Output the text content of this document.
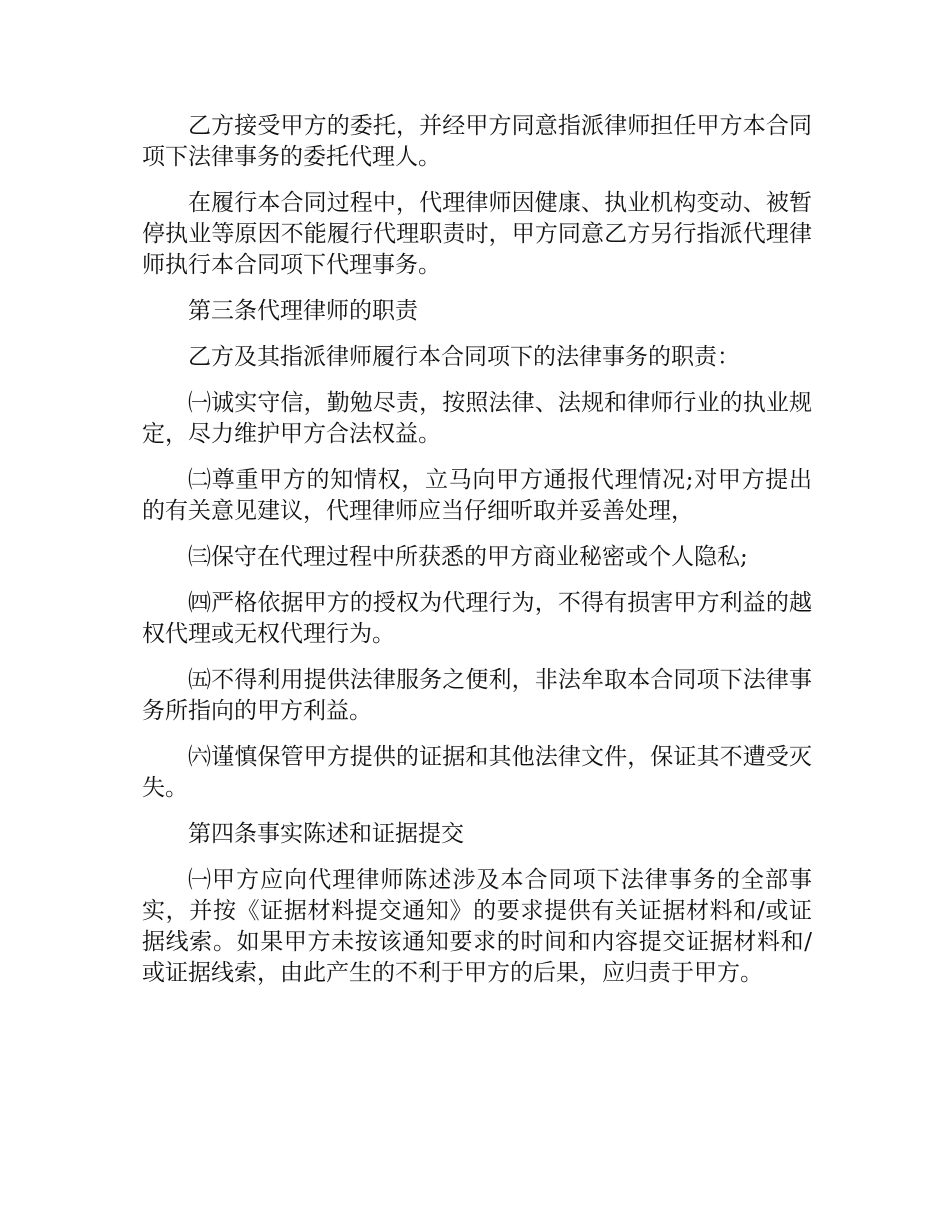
乙方接受甲方的委托，并经甲方同意指派律师担任甲方本合同项下法律事务的委托代理人。

在履行本合同过程中，代理律师因健康、执业机构变动、被暂停执业等原因不能履行代理职责时，甲方同意乙方另行指派代理律师执行本合同项下代理事务。

第三条代理律师的职责

乙方及其指派律师履行本合同项下的法律事务的职责：

㈠诚实守信，勤勉尽责，按照法律、法规和律师行业的执业规定，尽力维护甲方合法权益。

㈡尊重甲方的知情权，立马向甲方通报代理情况;对甲方提出的有关意见建议，代理律师应当仔细听取并妥善处理，

㈢保守在代理过程中所获悉的甲方商业秘密或个人隐私;

㈣严格依据甲方的授权为代理行为，不得有损害甲方利益的越权代理或无权代理行为。

㈤不得利用提供法律服务之便利，非法牟取本合同项下法律事务所指向的甲方利益。

㈥谨慎保管甲方提供的证据和其他法律文件，保证其不遭受灭失。

第四条事实陈述和证据提交

㈠甲方应向代理律师陈述涉及本合同项下法律事务的全部事实，并按《证据材料提交通知》的要求提供有关证据材料和/或证据线索。如果甲方未按该通知要求的时间和内容提交证据材料和/或证据线索，由此产生的不利于甲方的后果，应归责于甲方。
